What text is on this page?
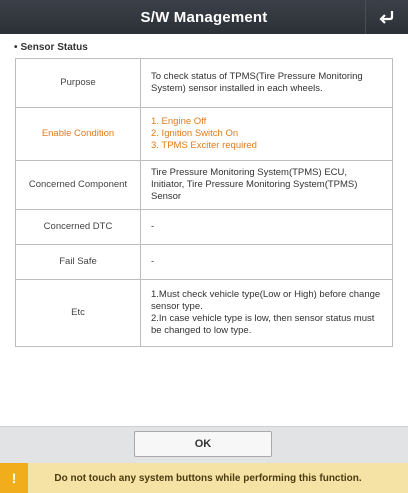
S/W Management
• Sensor Status
Purpose	To check status of TPMS(Tire Pressure Monitoring System) sensor installed in each wheels.

Enable Condition	1. Engine Off
2. Ignition Switch On
3. TPMS Exciter required

Concerned Component	Tire Pressure Monitoring System(TPMS) ECU, Initiator, Tire Pressure Monitoring System(TPMS) Sensor

Concerned DTC	-

Fail Safe	-

Etc	1.Must check vehicle type(Low or High) before change sensor type.
2.In case vehicle type is low, then sensor status must be changed to low type.
OK
!	Do not touch any system buttons while performing this function.
